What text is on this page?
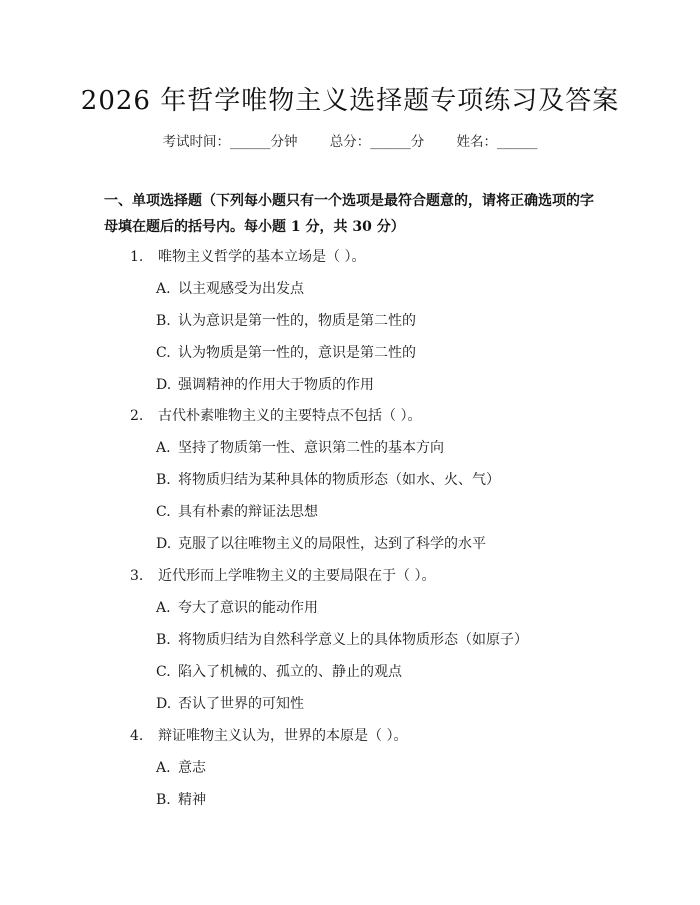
2026 年哲学唯物主义选择题专项练习及答案
考试时间：______分钟 总分：______分 姓名：______
一、单项选择题（下列每小题只有一个选项是最符合题意的，请将正确选项的字母填在题后的括号内。每小题 1 分，共 30 分）
1. 唯物主义哲学的基本立场是（ ）。
A. 以主观感受为出发点
B. 认为意识是第一性的，物质是第二性的
C. 认为物质是第一性的，意识是第二性的
D. 强调精神的作用大于物质的作用
2. 古代朴素唯物主义的主要特点不包括（ ）。
A. 坚持了物质第一性、意识第二性的基本方向
B. 将物质归结为某种具体的物质形态（如水、火、气）
C. 具有朴素的辩证法思想
D. 克服了以往唯物主义的局限性，达到了科学的水平
3. 近代形而上学唯物主义的主要局限在于（ ）。
A. 夸大了意识的能动作用
B. 将物质归结为自然科学意义上的具体物质形态（如原子）
C. 陷入了机械的、孤立的、静止的观点
D. 否认了世界的可知性
4. 辩证唯物主义认为，世界的本原是（ ）。
A. 意志
B. 精神
